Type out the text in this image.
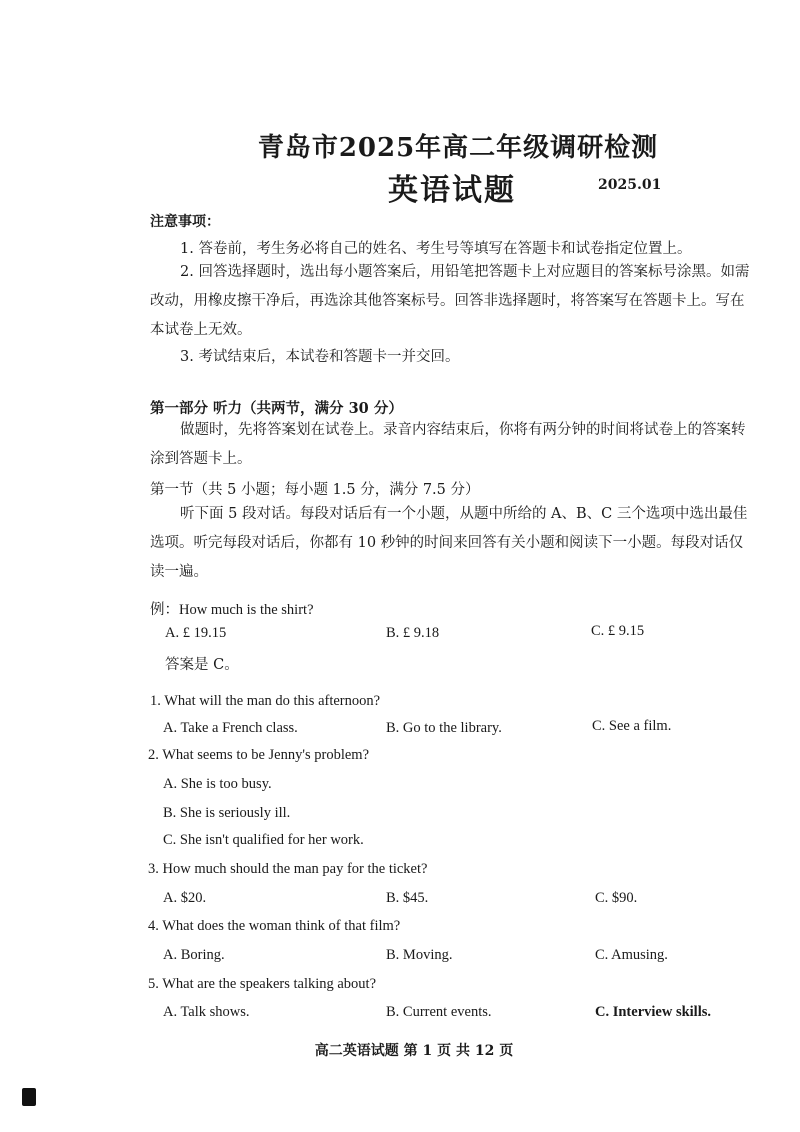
青岛市2025年高二年级调研检测
英语试题	2025.01
注意事项：
1. 答卷前，考生务必将自己的姓名、考生号等填写在答题卡和试卷指定位置上。
2. 回答选择题时，选出每小题答案后，用铅笔把答题卡上对应题目的答案标号涂黑。如需改动，用橡皮擦干净后，再选涂其他答案标号。回答非选择题时，将答案写在答题卡上。写在本试卷上无效。
3. 考试结束后，本试卷和答题卡一并交回。
第一部分 听力（共两节，满分 30 分）
做题时，先将答案划在试卷上。录音内容结束后，你将有两分钟的时间将试卷上的答案转涂到答题卡上。
第一节（共 5 小题；每小题 1.5 分，满分 7.5 分）
听下面 5 段对话。每段对话后有一个小题，从题中所给的 A、B、C 三个选项中选出最佳选项。听完每段对话后，你都有 10 秒钟的时间来回答有关小题和阅读下一小题。每段对话仅读一遍。
例：How much is the shirt?
A. £ 19.15	B. £ 9.18	C. £ 9.15
答案是 C。
1. What will the man do this afternoon?
A. Take a French class.	B. Go to the library.	C. See a film.
2. What seems to be Jenny's problem?
A. She is too busy.
B. She is seriously ill.
C. She isn't qualified for her work.
3. How much should the man pay for the ticket?
A. $20.	B. $45.	C. $90.
4. What does the woman think of that film?
A. Boring.	B. Moving.	C. Amusing.
5. What are the speakers talking about?
A. Talk shows.	B. Current events.	C. Interview skills.
高二英语试题 第 1 页 共 12 页
